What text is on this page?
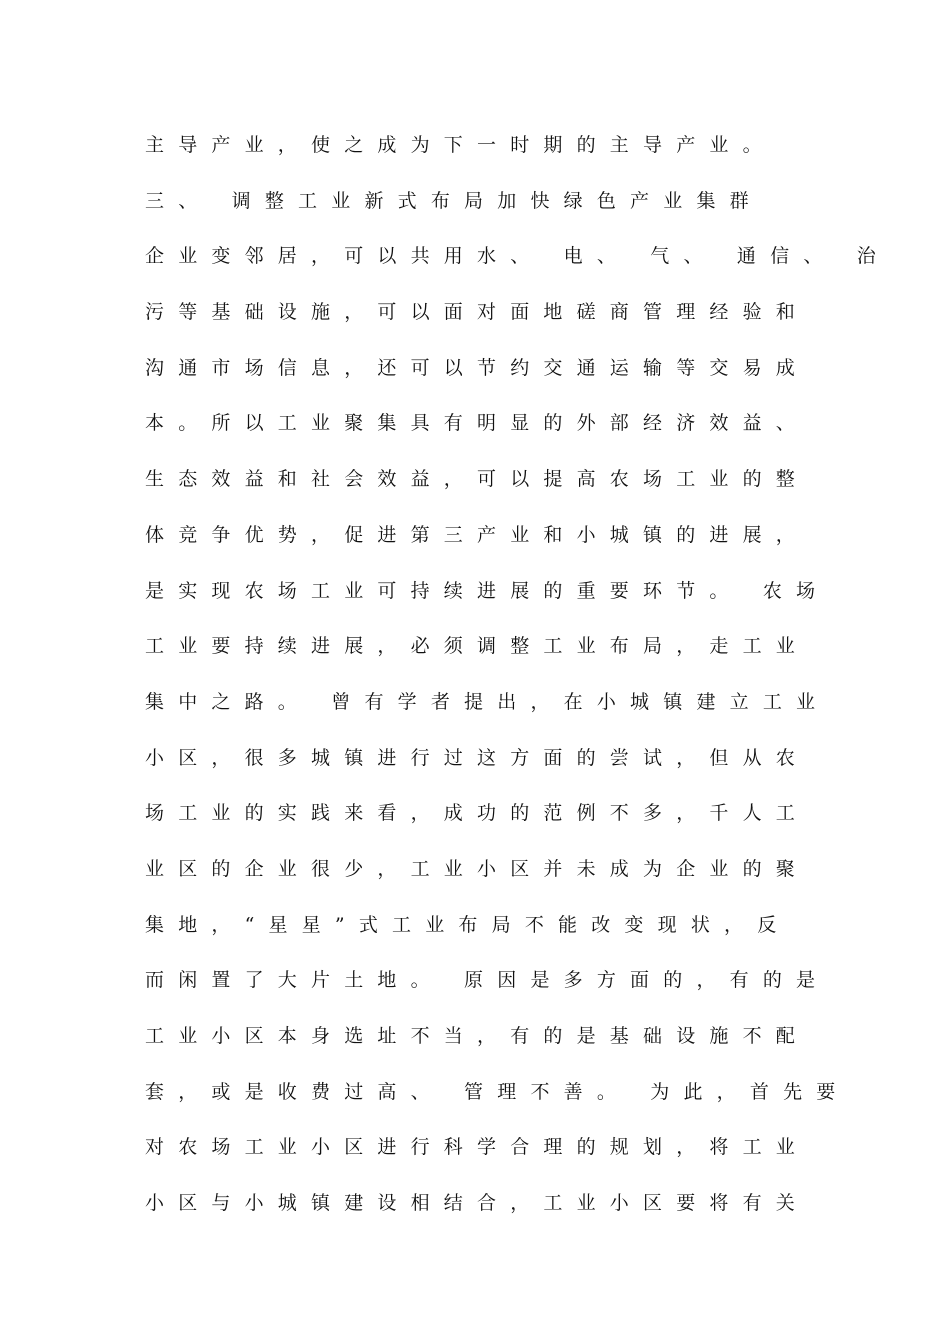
主导产业，使之成为下一时期的主导产业。
三、 调整工业新式布局加快绿色产业集群
企业变邻居，可以共用水、 电、 气、 通信、 治
污等基础设施，可以面对面地磋商管理经验和
沟通市场信息，还可以节约交通运输等交易成
本。所以工业聚集具有明显的外部经济效益、
生态效益和社会效益，可以提高农场工业的整
体竞争优势，促进第三产业和小城镇的进展，
是实现农场工业可持续进展的重要环节。 农场
工业要持续进展，必须调整工业布局，走工业
集中之路。 曾有学者提出，在小城镇建立工业
小区，很多城镇进行过这方面的尝试，但从农
场工业的实践来看，成功的范例不多，千人工
业区的企业很少，工业小区并未成为企业的聚
集地，“星星”式工业布局不能改变现状，反
而闲置了大片土地。 原因是多方面的，有的是
工业小区本身选址不当，有的是基础设施不配
套，或是收费过高、 管理不善。 为此，首先要
对农场工业小区进行科学合理的规划，将工业
小区与小城镇建设相结合，工业小区要将有关
